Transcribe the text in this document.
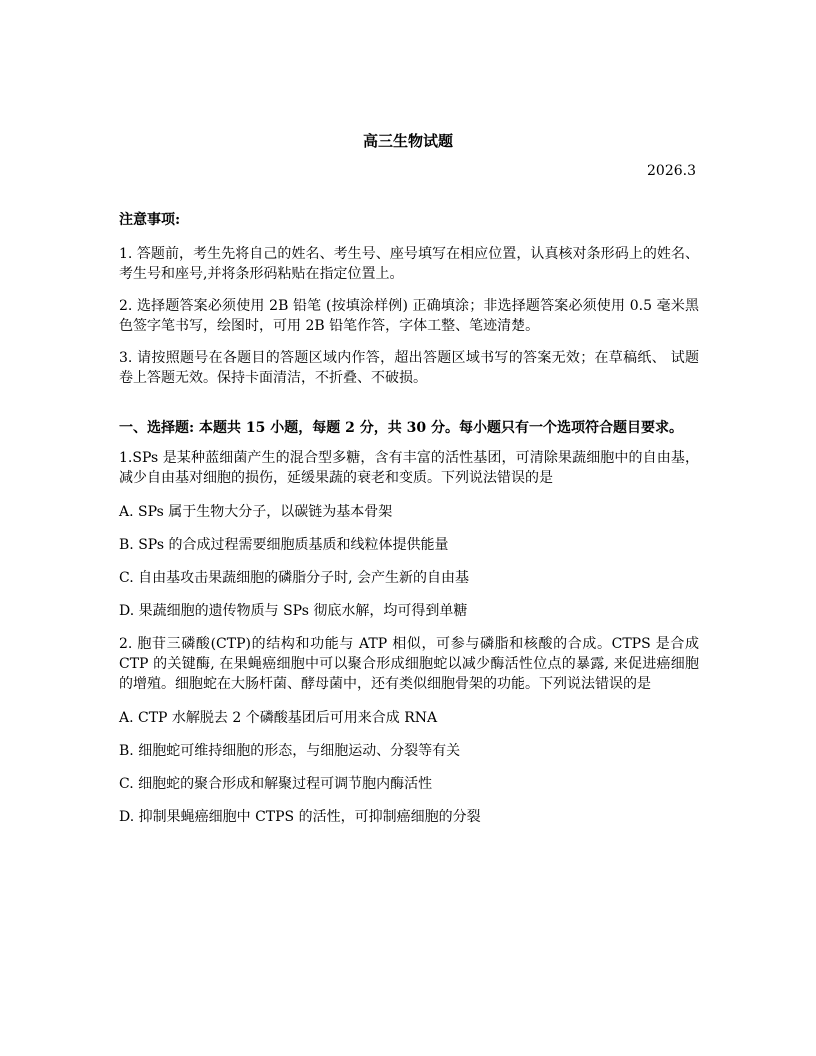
高三生物试题
2026.3
注意事项:

1. 答题前，考生先将自己的姓名、考生号、座号填写在相应位置，认真核对条形码上的姓名、考生号和座号,并将条形码粘贴在指定位置上。

2. 选择题答案必须使用 2B 铅笔 (按填涂样例) 正确填涂；非选择题答案必须使用 0.5 毫米黑色签字笔书写，绘图时，可用 2B 铅笔作答，字体工整、笔迹清楚。

3. 请按照题号在各题目的答题区域内作答，超出答题区域书写的答案无效；在草稿纸、 试题卷上答题无效。保持卡面清洁，不折叠、不破损。

一、选择题: 本题共 15 小题，每题 2 分，共 30 分。每小题只有一个选项符合题目要求。

1.SPs 是某种蓝细菌产生的混合型多糖，含有丰富的活性基团，可清除果蔬细胞中的自由基，减少自由基对细胞的损伤，延缓果蔬的衰老和变质。下列说法错误的是

A. SPs 属于生物大分子，以碳链为基本骨架

B. SPs 的合成过程需要细胞质基质和线粒体提供能量

C. 自由基攻击果蔬细胞的磷脂分子时, 会产生新的自由基

D. 果蔬细胞的遗传物质与 SPs 彻底水解，均可得到单糖

2. 胞苷三磷酸(CTP)的结构和功能与 ATP 相似，可参与磷脂和核酸的合成。CTPS 是合成 CTP 的关键酶, 在果蝇癌细胞中可以聚合形成细胞蛇以减少酶活性位点的暴露, 来促进癌细胞的增殖。细胞蛇在大肠杆菌、酵母菌中，还有类似细胞骨架的功能。下列说法错误的是

A. CTP 水解脱去 2 个磷酸基团后可用来合成 RNA

B. 细胞蛇可维持细胞的形态，与细胞运动、分裂等有关

C. 细胞蛇的聚合形成和解聚过程可调节胞内酶活性

D. 抑制果蝇癌细胞中 CTPS 的活性，可抑制癌细胞的分裂
